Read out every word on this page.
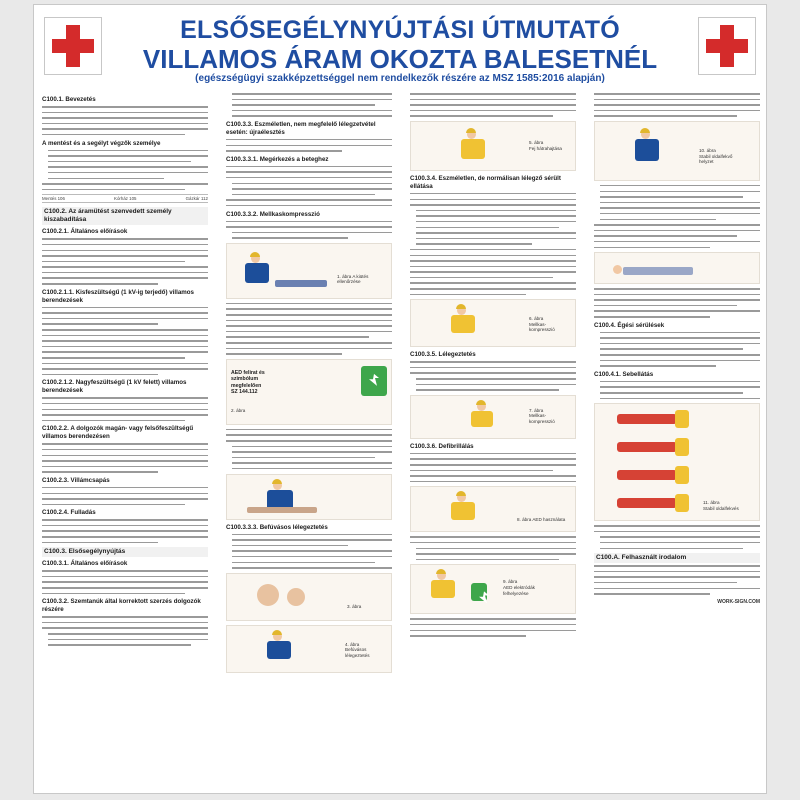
ELSŐSEGÉLYNYÚJTÁSI ÚTMUTATÓ
VILLAMOS ÁRAM OKOZTA BALESETNÉL
(egészségügyi szakképzettséggel nem rendelkezők részére az MSZ 1585:2016 alapján)
C100.1. Bevezetés
A mentést és a segélyt végzők személye
Mentés 106	Kórház 105	Gázkár 112
C100.2. Az áramütést szenvedett személy kiszabadítása
C100.2.1. Általános előírások
C100.2.1.1. Kisfeszültségű (1 kV-ig terjedő) villamos berendezések
C100.2.1.2. Nagyfeszültségű (1 kV felett) villamos berendezések
C100.2.2. A dolgozók magán- vagy felsőfeszültségű villamos berendezésen
C100.2.3. Villámcsapás
C100.2.4. Fulladás
C100.3. Elsősegélynyújtás
C100.3.1. Általános előírások
C100.3.2. Szemtanúk által korrektott szerzés dolgozók részére
C100.3.3. Eszméletlen, nem megfelelő lélegzetvétel esetén: újraélesztés
C100.3.3.1. Megérkezés a beteghez
C100.3.3.2. Mellkaskompresszió
1. ábra A kiütés ellenőrzése
AED felirat és
szimbólum
megfelelően
SZ 144.112
2. ábra
C100.3.3.3. Befúvásos lélegeztetés
3. ábra
4. ábra
Befúvásos
lélegeztetés
5. ábra
Fej hátrahajtása
C100.3.4. Eszméletlen, de normálisan lélegző sérült ellátása
6. ábra
Mellkas-
kompresszió
C100.3.5. Lélegeztetés
7. ábra
Mellkas-
kompresszió
C100.3.6. Defibrillálás
8. ábra AED használata
9. ábra
AED elektródák
felhelyezése
10. ábra
Stabil oldalfekvő
helyzet
C100.4. Égési sérülések
C100.4.1. Sebellátás
11. ábra
Stabil oldalfekvés
C100.A. Felhasznált irodalom
WORK-SIGN.COM
